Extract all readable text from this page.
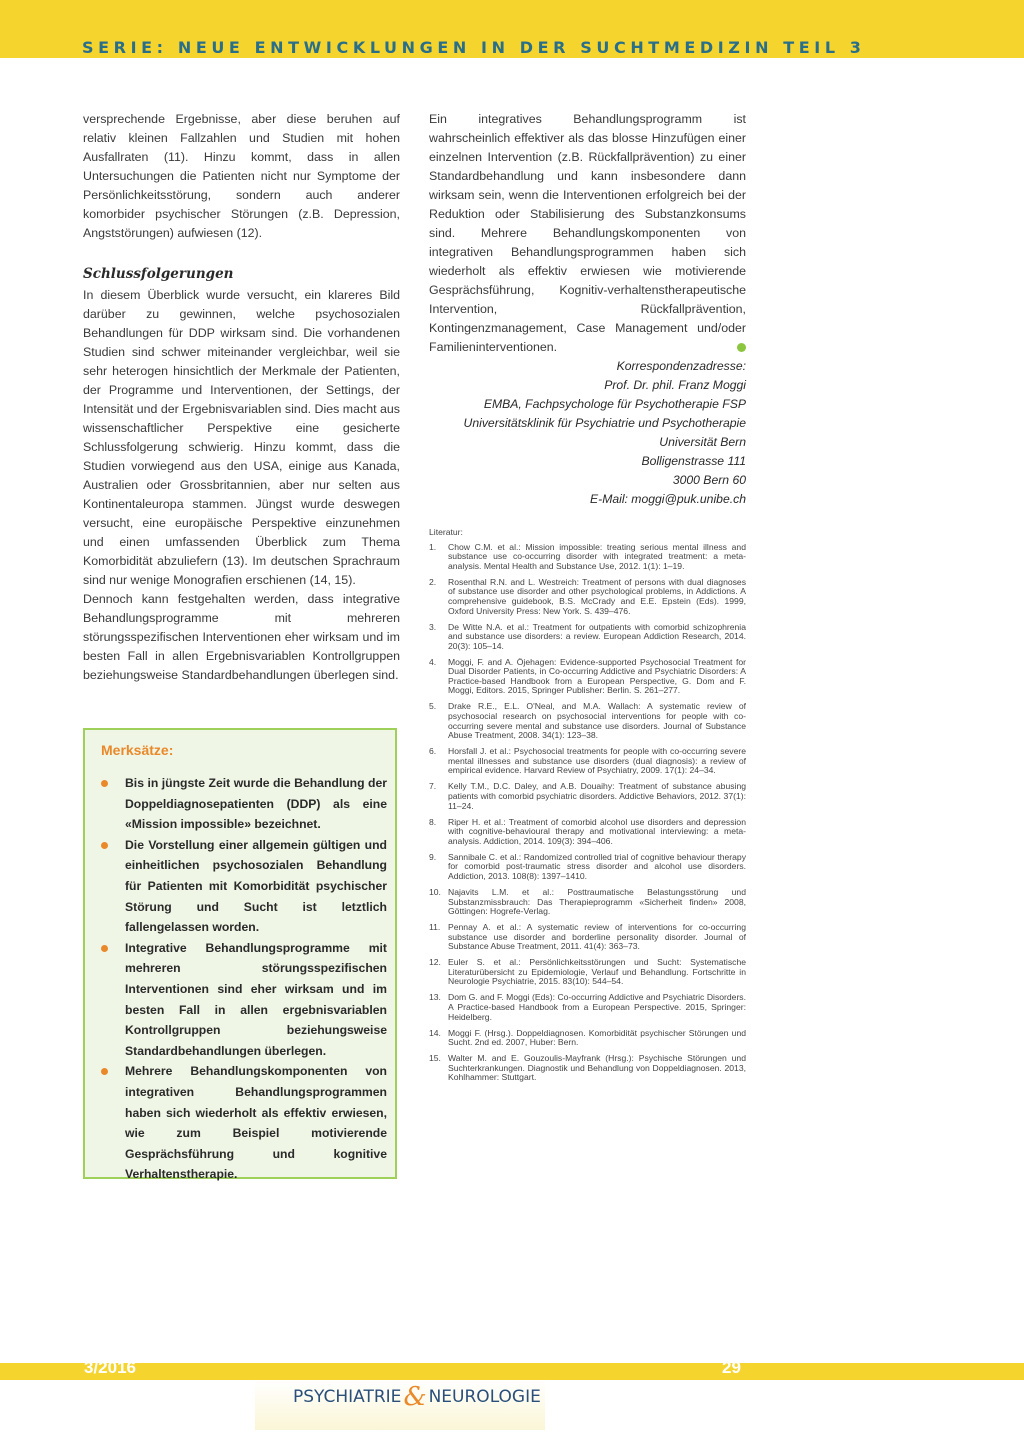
SERIE: NEUE ENTWICKLUNGEN IN DER SUCHTMEDIZIN TEIL 3

versprechende Ergebnisse, aber diese beruhen auf relativ kleinen Fallzahlen und Studien mit hohen Ausfallraten (11). Hinzu kommt, dass in allen Untersuchungen die Patienten nicht nur Symptome der Persönlichkeitsstörung, sondern auch anderer komorbider psychischer Störungen (z.B. Depression, Angststörungen) aufwiesen (12).

Schlussfolgerungen

In diesem Überblick wurde versucht, ein klareres Bild darüber zu gewinnen, welche psychosozialen Behandlungen für DDP wirksam sind. Die vorhandenen Studien sind schwer miteinander vergleichbar, weil sie sehr heterogen hinsichtlich der Merkmale der Patienten, der Programme und Interventionen, der Settings, der Intensität und der Ergebnisvariablen sind. Dies macht aus wissenschaftlicher Perspektive eine gesicherte Schlussfolgerung schwierig. Hinzu kommt, dass die Studien vorwiegend aus den USA, einige aus Kanada, Australien oder Grossbritannien, aber nur selten aus Kontinentaleuropa stammen. Jüngst wurde deswegen versucht, eine europäische Perspektive einzunehmen und einen umfassenden Überblick zum Thema Komorbidität abzuliefern (13). Im deutschen Sprachraum sind nur wenige Monografien erschienen (14, 15).

Dennoch kann festgehalten werden, dass integrative Behandlungsprogramme mit mehreren störungsspezifischen Interventionen eher wirksam und im besten Fall in allen Ergebnisvariablen Kontrollgruppen beziehungsweise Standardbehandlungen überlegen sind.

Ein integratives Behandlungsprogramm ist wahrscheinlich effektiver als das blosse Hinzufügen einer einzelnen Intervention (z.B. Rückfallprävention) zu einer Standardbehandlung und kann insbesondere dann wirksam sein, wenn die Interventionen erfolgreich bei der Reduktion oder Stabilisierung des Substanzkonsums sind. Mehrere Behandlungskomponenten von integrativen Behandlungsprogrammen haben sich wiederholt als effektiv erwiesen wie motivierende Gesprächsführung, Kognitiv-verhaltenstherapeutische Intervention, Rückfallprävention, Kontingenzmanagement, Case Management und/oder Familieninterventionen.

Korrespondenzadresse:
Prof. Dr. phil. Franz Moggi
EMBA, Fachpsychologe für Psychotherapie FSP
Universitätsklinik für Psychiatrie und Psychotherapie
Universität Bern
Bolligenstrasse 111
3000 Bern 60
E-Mail: moggi@puk.unibe.ch
Literatur:
1.	Chow C.M. et al.: Mission impossible: treating serious mental illness and substance use co-occurring disorder with integrated treatment: a meta-analysis. Mental Health and Substance Use, 2012. 1(1): 1–19.
2.	Rosenthal R.N. and L. Westreich: Treatment of persons with dual diagnoses of substance use disorder and other psychological problems, in Addictions. A comprehensive guidebook, B.S. McCrady and E.E. Epstein (Eds). 1999, Oxford University Press: New York. S. 439–476.
3.	De Witte N.A. et al.: Treatment for outpatients with comorbid schizophrenia and substance use disorders: a review. European Addiction Research, 2014. 20(3): 105–14.
4.	Moggi, F. and A. Öjehagen: Evidence-supported Psychosocial Treatment for Dual Disorder Patients, in Co-occurring Addictive and Psychiatric Disorders: A Practice-based Handbook from a European Perspective, G. Dom and F. Moggi, Editors. 2015, Springer Publisher: Berlin. S. 261–277.
5.	Drake R.E., E.L. O'Neal, and M.A. Wallach: A systematic review of psychosocial research on psychosocial interventions for people with co-occurring severe mental and substance use disorders. Journal of Substance Abuse Treatment, 2008. 34(1): 123–38.
6.	Horsfall J. et al.: Psychosocial treatments for people with co-occurring severe mental illnesses and substance use disorders (dual diagnosis): a review of empirical evidence. Harvard Review of Psychiatry, 2009. 17(1): 24–34.
7.	Kelly T.M., D.C. Daley, and A.B. Douaihy: Treatment of substance abusing patients with comorbid psychiatric disorders. Addictive Behaviors, 2012. 37(1): 11–24.
8.	Riper H. et al.: Treatment of comorbid alcohol use disorders and depression with cognitive-behavioural therapy and motivational interviewing: a meta-analysis. Addiction, 2014. 109(3): 394–406.
9.	Sannibale C. et al.: Randomized controlled trial of cognitive behaviour therapy for comorbid post-traumatic stress disorder and alcohol use disorders. Addiction, 2013. 108(8): 1397–1410.
10. Najavits L.M. et al.: Posttraumatische Belastungsstörung und Substanzmissbrauch: Das Therapieprogramm «Sicherheit finden» 2008, Göttingen: Hogrefe-Verlag.
11. Pennay A. et al.: A systematic review of interventions for co-occurring substance use disorder and borderline personality disorder. Journal of Substance Abuse Treatment, 2011. 41(4): 363–73.
12. Euler S. et al.: Persönlichkeitsstörungen und Sucht: Systematische Literaturübersicht zu Epidemiologie, Verlauf und Behandlung. Fortschritte in Neurologie Psychiatrie, 2015. 83(10): 544–54.
13. Dom G. and F. Moggi (Eds): Co-occurring Addictive and Psychiatric Disorders. A Practice-based Handbook from a European Perspective. 2015, Springer: Heidelberg.
14. Moggi F. (Hrsg.). Doppeldiagnosen. Komorbidität psychischer Störungen und Sucht. 2nd ed. 2007, Huber: Bern.
15. Walter M. and E. Gouzoulis-Mayfrank (Hrsg.): Psychische Störungen und Suchterkrankungen. Diagnostik und Behandlung von Doppeldiagnosen. 2013, Kohlhammer: Stuttgart.
Merksätze:
Bis in jüngste Zeit wurde die Behandlung der Doppeldiagnosepatienten (DDP) als eine «Mission impossible» bezeichnet.
Die Vorstellung einer allgemein gültigen und einheitlichen psychosozialen Behandlung für Patienten mit Komorbidität psychischer Störung und Sucht ist letztlich fallengelassen worden.
Integrative Behandlungsprogramme mit mehreren störungsspezifischen Interventionen sind eher wirksam und im besten Fall in allen ergebnisvariablen Kontrollgruppen beziehungsweise Standardbehandlungen überlegen.
Mehrere Behandlungskomponenten von integrativen Behandlungsprogrammen haben sich wiederholt als effektiv erwiesen, wie zum Beispiel motivierende Gesprächsführung und kognitive Verhaltenstherapie.
3/2016	29
PSYCHIATRIE& NEUROLOGIE
